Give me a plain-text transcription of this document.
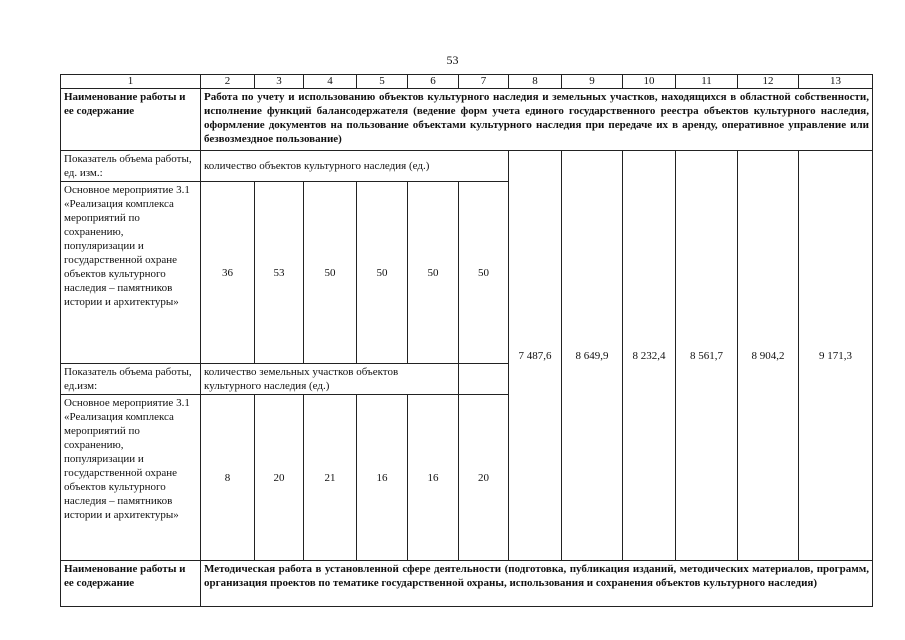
53
1	2	3	4	5	6	7	8	9	10	11	12	13
Наименование работы и ее содержание	Работа по учету и использованию объектов культурного наследия и земельных участков, находящихся в областной собственности, исполнение функций балансодержателя (ведение форм учета единого государственного реестра объектов культурного наследия, оформление документов на пользование объектами культурного наследия при передаче их в аренду, оперативное управление или безвозмездное пользование)											
Показатель объема работы, ед. изм.:	количество объектов культурного наследия (ед.)						7 487,6	8 649,9	8 232,4	8 561,7	8 904,2	9 171,3
Основное мероприятие 3.1 «Реализация комплекса мероприятий по сохранению, популяризации и государственной охране объектов культурного наследия – памятников истории и архитектуры»	36	53	50	50	50	50						
Показатель объема работы, ед.изм:	количество земельных участков объектов культурного наследия (ед.)											
Основное мероприятие 3.1 «Реализация комплекса мероприятий по сохранению, популяризации и государственной охране объектов культурного наследия – памятников истории и архитектуры»	8	20	21	16	16	20						
Наименование работы и ее содержание	Методическая работа в установленной сфере деятельности (подготовка, публикация изданий, методических материалов, программ, организация проектов по тематике государственной охраны, использования и сохранения объектов культурного наследия)											
